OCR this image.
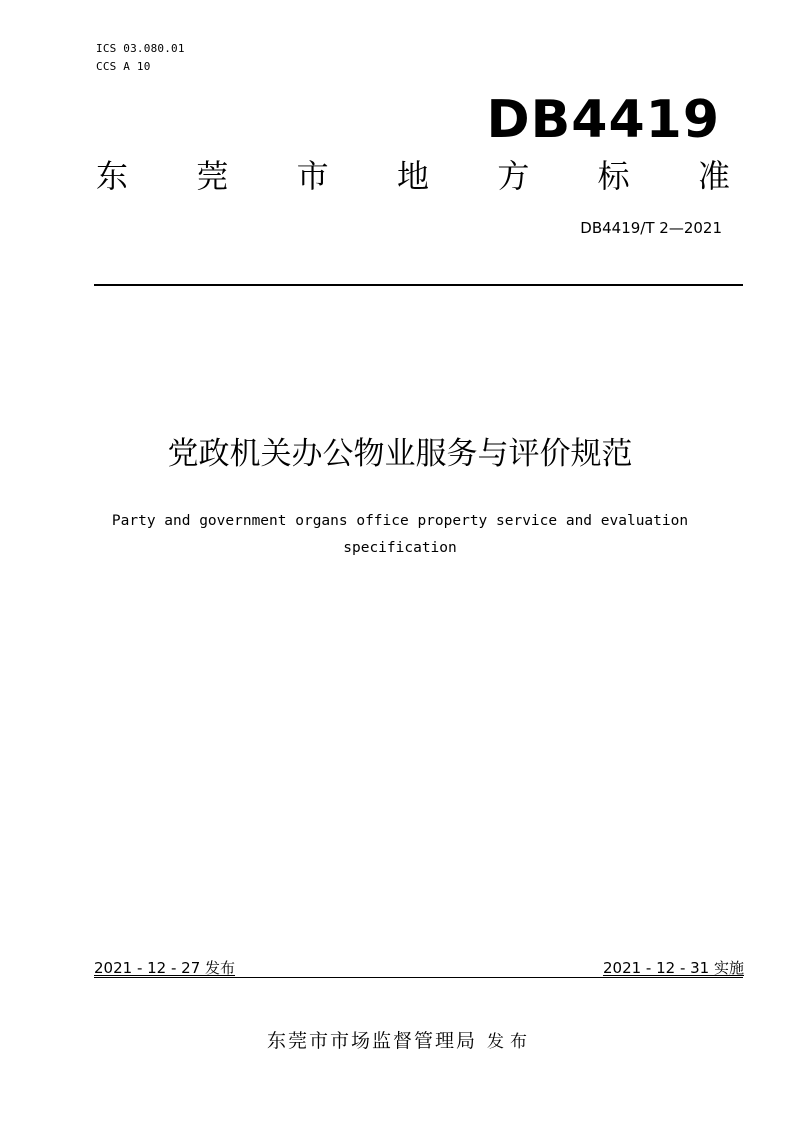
ICS 03.080.01
CCS A 10
DB4419
东 莞 市 地 方 标 准
DB4419/T 2—2021
党政机关办公物业服务与评价规范
Party and government organs office property service and evaluation specification
2021 - 12 - 27 发布	2021 - 12 - 31 实施
东莞市市场监督管理局 发布
